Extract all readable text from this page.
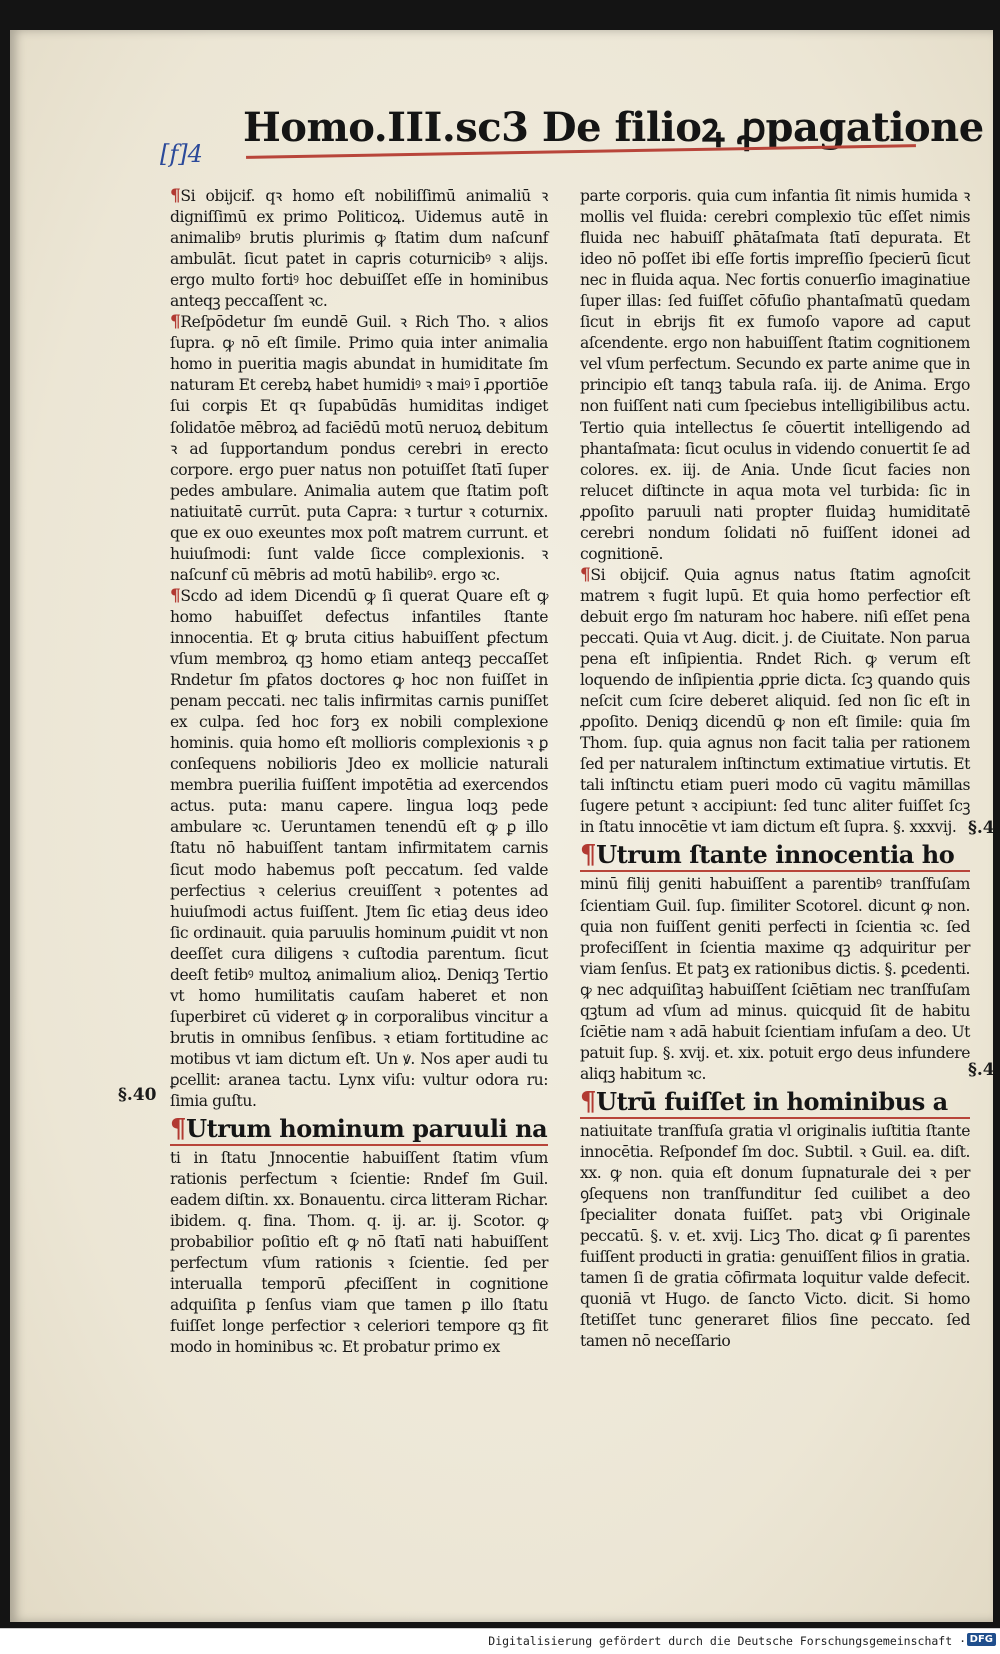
[f]4
Homo.III.sc3 De filioꝝ ꝓpagatione

¶Si obijcif. qꝛ homo eſt nobiliſſimū animaliū ꝛ digniſſimū ex primo Politicoꝝ. Uidemus autē in animalibꝰ brutis plurimis ꝙ ſtatim dum naſcunf ambulāt. ſicut patet in capris coturnicibꝰ ꝛ alijs. ergo multo fortiꝰ hoc debuiſſet eſſe in hominibus anteqꝫ peccaſſent ꝛc.

¶Reſpōdetur ſm eundē Guil. ꝛ Rich Tho. ꝛ alios ſupra. ꝙ nō eſt ſimile. Primo quia inter animalia homo in pueritia magis abundat in humiditate ſm naturam Et cerebꝝ habet humidiꝰ ꝛ maiꝰ ī ꝓportiōe ſui corꝑis Et qꝛ ſupabūdās humiditas indiget ſolidatōe mēbroꝝ ad faciēdū motū neruoꝝ debitum ꝛ ad ſupportandum pondus cerebri in erecto corpore. ergo puer natus non potuiſſet ſtatī ſuper pedes ambulare. Animalia autem que ſtatim poſt natiuitatē currūt. puta Capra: ꝛ turtur ꝛ coturnix. que ex ouo exeuntes mox poſt matrem currunt. et huiuſmodi: ſunt valde ſicce complexionis. ꝛ naſcunf cū mēbris ad motū habilibꝰ. ergo ꝛc.

¶Scdo ad idem Dicendū ꝙ ſi querat Quare eſt ꝙ homo habuiſſet defectus infantiles ſtante innocentia. Et ꝙ bruta citius habuiſſent ꝑfectum vſum membroꝝ qꝫ homo etiam anteqꝫ peccaſſet Rndetur ſm ꝑfatos doctores ꝙ hoc non fuiſſet in penam peccati. nec talis infirmitas carnis puniſſet ex culpa. ſed hoc forꝫ ex nobili complexione hominis. quia homo eſt mollioris complexionis ꝛ ꝑ conſequens nobilioris Jdeo ex mollicie naturali membra puerilia fuiſſent impotētia ad exercendos actus. puta: manu capere. lingua loqꝫ pede ambulare ꝛc. Ueruntamen tenendū eſt ꝙ ꝑ illo ſtatu nō habuiſſent tantam infirmitatem carnis ſicut modo habemus poſt peccatum. ſed valde perfectius ꝛ celerius creuiſſent ꝛ potentes ad huiuſmodi actus fuiſſent. Jtem ſic etiaꝫ deus ideo ſic ordinauit. quia paruulis hominum ꝓuidit vt non deeſſet cura diligens ꝛ cuſtodia parentum. ſicut deeſt fetibꝰ multoꝝ animalium alioꝝ. Deniqꝫ Tertio vt homo humilitatis cauſam haberet et non ſuperbiret cū videret ꝙ in corporalibus vincitur a brutis in omnibus ſenſibus. ꝛ etiam fortitudine ac motibus vt iam dictum eſt. Un ꝟ. Nos aper audi tu ꝑcellit: aranea tactu. Lynx viſu: vultur odora ru: ſimia guſtu.

¶Utrum hominum paruuli na

ti in ſtatu Jnnocentie habuiſſent ſtatim vſum rationis perfectum ꝛ ſcientie: Rndef ſm Guil. eadem diſtin. xx. Bonauentu. circa litteram Richar. ibidem. q. fina. Thom. q. ij. ar. ij. Scotor. ꝙ probabilior poſitio eſt ꝙ nō ſtatī nati habuiſſent perfectum vſum rationis ꝛ ſcientie. ſed per interualla temporū ꝓfeciſſent in cognitione adquiſita ꝑ ſenſus viam que tamen ꝑ illo ſtatu fuiſſet longe perfectior ꝛ celeriori tempore qꝫ fit modo in hominibus ꝛc. Et probatur primo ex

parte corporis. quia cum infantia ſit nimis humida ꝛ mollis vel fluida: cerebri complexio tūc eſſet nimis fluida nec habuiſſ ꝑhātaſmata ſtatī depurata. Et ideo nō poſſet ibi eſſe fortis impreſſio ſpecierū ſicut nec in fluida aqua. Nec fortis conuerſio imaginatiue ſuper illas: ſed fuiſſet cōfuſio phantaſmatū quedam ſicut in ebrijs fit ex fumoſo vapore ad caput aſcendente. ergo non habuiſſent ſtatim cognitionem vel vſum perfectum. Secundo ex parte anime que in principio eſt tanqꝫ tabula raſa. iij. de Anima. Ergo non fuiſſent nati cum ſpeciebus intelligibilibus actu. Tertio quia intellectus ſe cōuertit intelligendo ad phantaſmata: ſicut oculus in videndo conuertit ſe ad colores. ex. iij. de Ania. Unde ſicut facies non relucet diſtincte in aqua mota vel turbida: ſic in ꝓpoſito paruuli nati propter fluidaꝫ humiditatē cerebri nondum ſolidati nō fuiſſent idonei ad cognitionē.

¶Si obijcif. Quia agnus natus ſtatim agnoſcit matrem ꝛ fugit lupū. Et quia homo perfectior eſt debuit ergo ſm naturam hoc habere. niſi eſſet pena peccati. Quia vt Aug. dicit. j. de Ciuitate. Non parua pena eſt inſipientia. Rndet Rich. ꝙ verum eſt loquendo de inſipientia ꝓprie dicta. ſcꝫ quando quis neſcit cum ſcire deberet aliquid. ſed non ſic eſt in ꝓpoſito. Deniqꝫ dicendū ꝙ non eſt ſimile: quia ſm Thom. ſup. quia agnus non facit talia per rationem ſed per naturalem inſtinctum extimatiue virtutis. Et tali inſtinctu etiam pueri modo cū vagitu māmillas ſugere petunt ꝛ accipiunt: ſed tunc aliter fuiſſet ſcꝫ in ſtatu innocētie vt iam dictum eſt ſupra. §. xxxvij.

¶Utrum ſtante innocentia ho

minū filij geniti habuiſſent a parentibꝰ tranſfuſam ſcientiam Guil. ſup. ſimiliter Scotorel. dicunt ꝙ non. quia non fuiſſent geniti perfecti in ſcientia ꝛc. ſed profeciſſent in ſcientia maxime qꝫ adquiritur per viam ſenſus. Et patꝫ ex rationibus dictis. §. ꝑcedenti. ꝙ nec adquiſitaꝫ habuiſſent ſciētiam nec tranſfuſam qꝫtum ad vſum ad minus. quicquid ſit de habitu ſciētie nam ꝛ adā habuit ſcientiam infuſam a deo. Ut patuit ſup. §. xvij. et. xix. potuit ergo deus infundere aliqꝫ habitum ꝛc.

¶Utrū fuiſſet in hominibus a

natiuitate tranſfuſa gratia vl originalis iuſtitia ſtante innocētia. Reſpondef ſm doc. Subtil. ꝛ Guil. ea. diſt. xx. ꝙ non. quia eſt donum ſupnaturale dei ꝛ per ꝯſequens non tranſfunditur ſed cuilibet a deo ſpecialiter donata fuiſſet. patꝫ vbi Originale peccatū. §. v. et. xvij. Licꝫ Tho. dicat ꝙ ſi parentes fuiſſent producti in gratia: genuiſſent filios in gratia. tamen ſi de gratia cōfirmata loquitur valde defecit. quoniā vt Hugo. de ſancto Victo. dicit. Si homo ſtetiſſet tunc generaret filios ſine peccato. ſed tamen nō neceſſario

§.40
§.4
§.4
Digitalisierung gefördert durch die Deutsche Forschungsgemeinschaft · DFG
